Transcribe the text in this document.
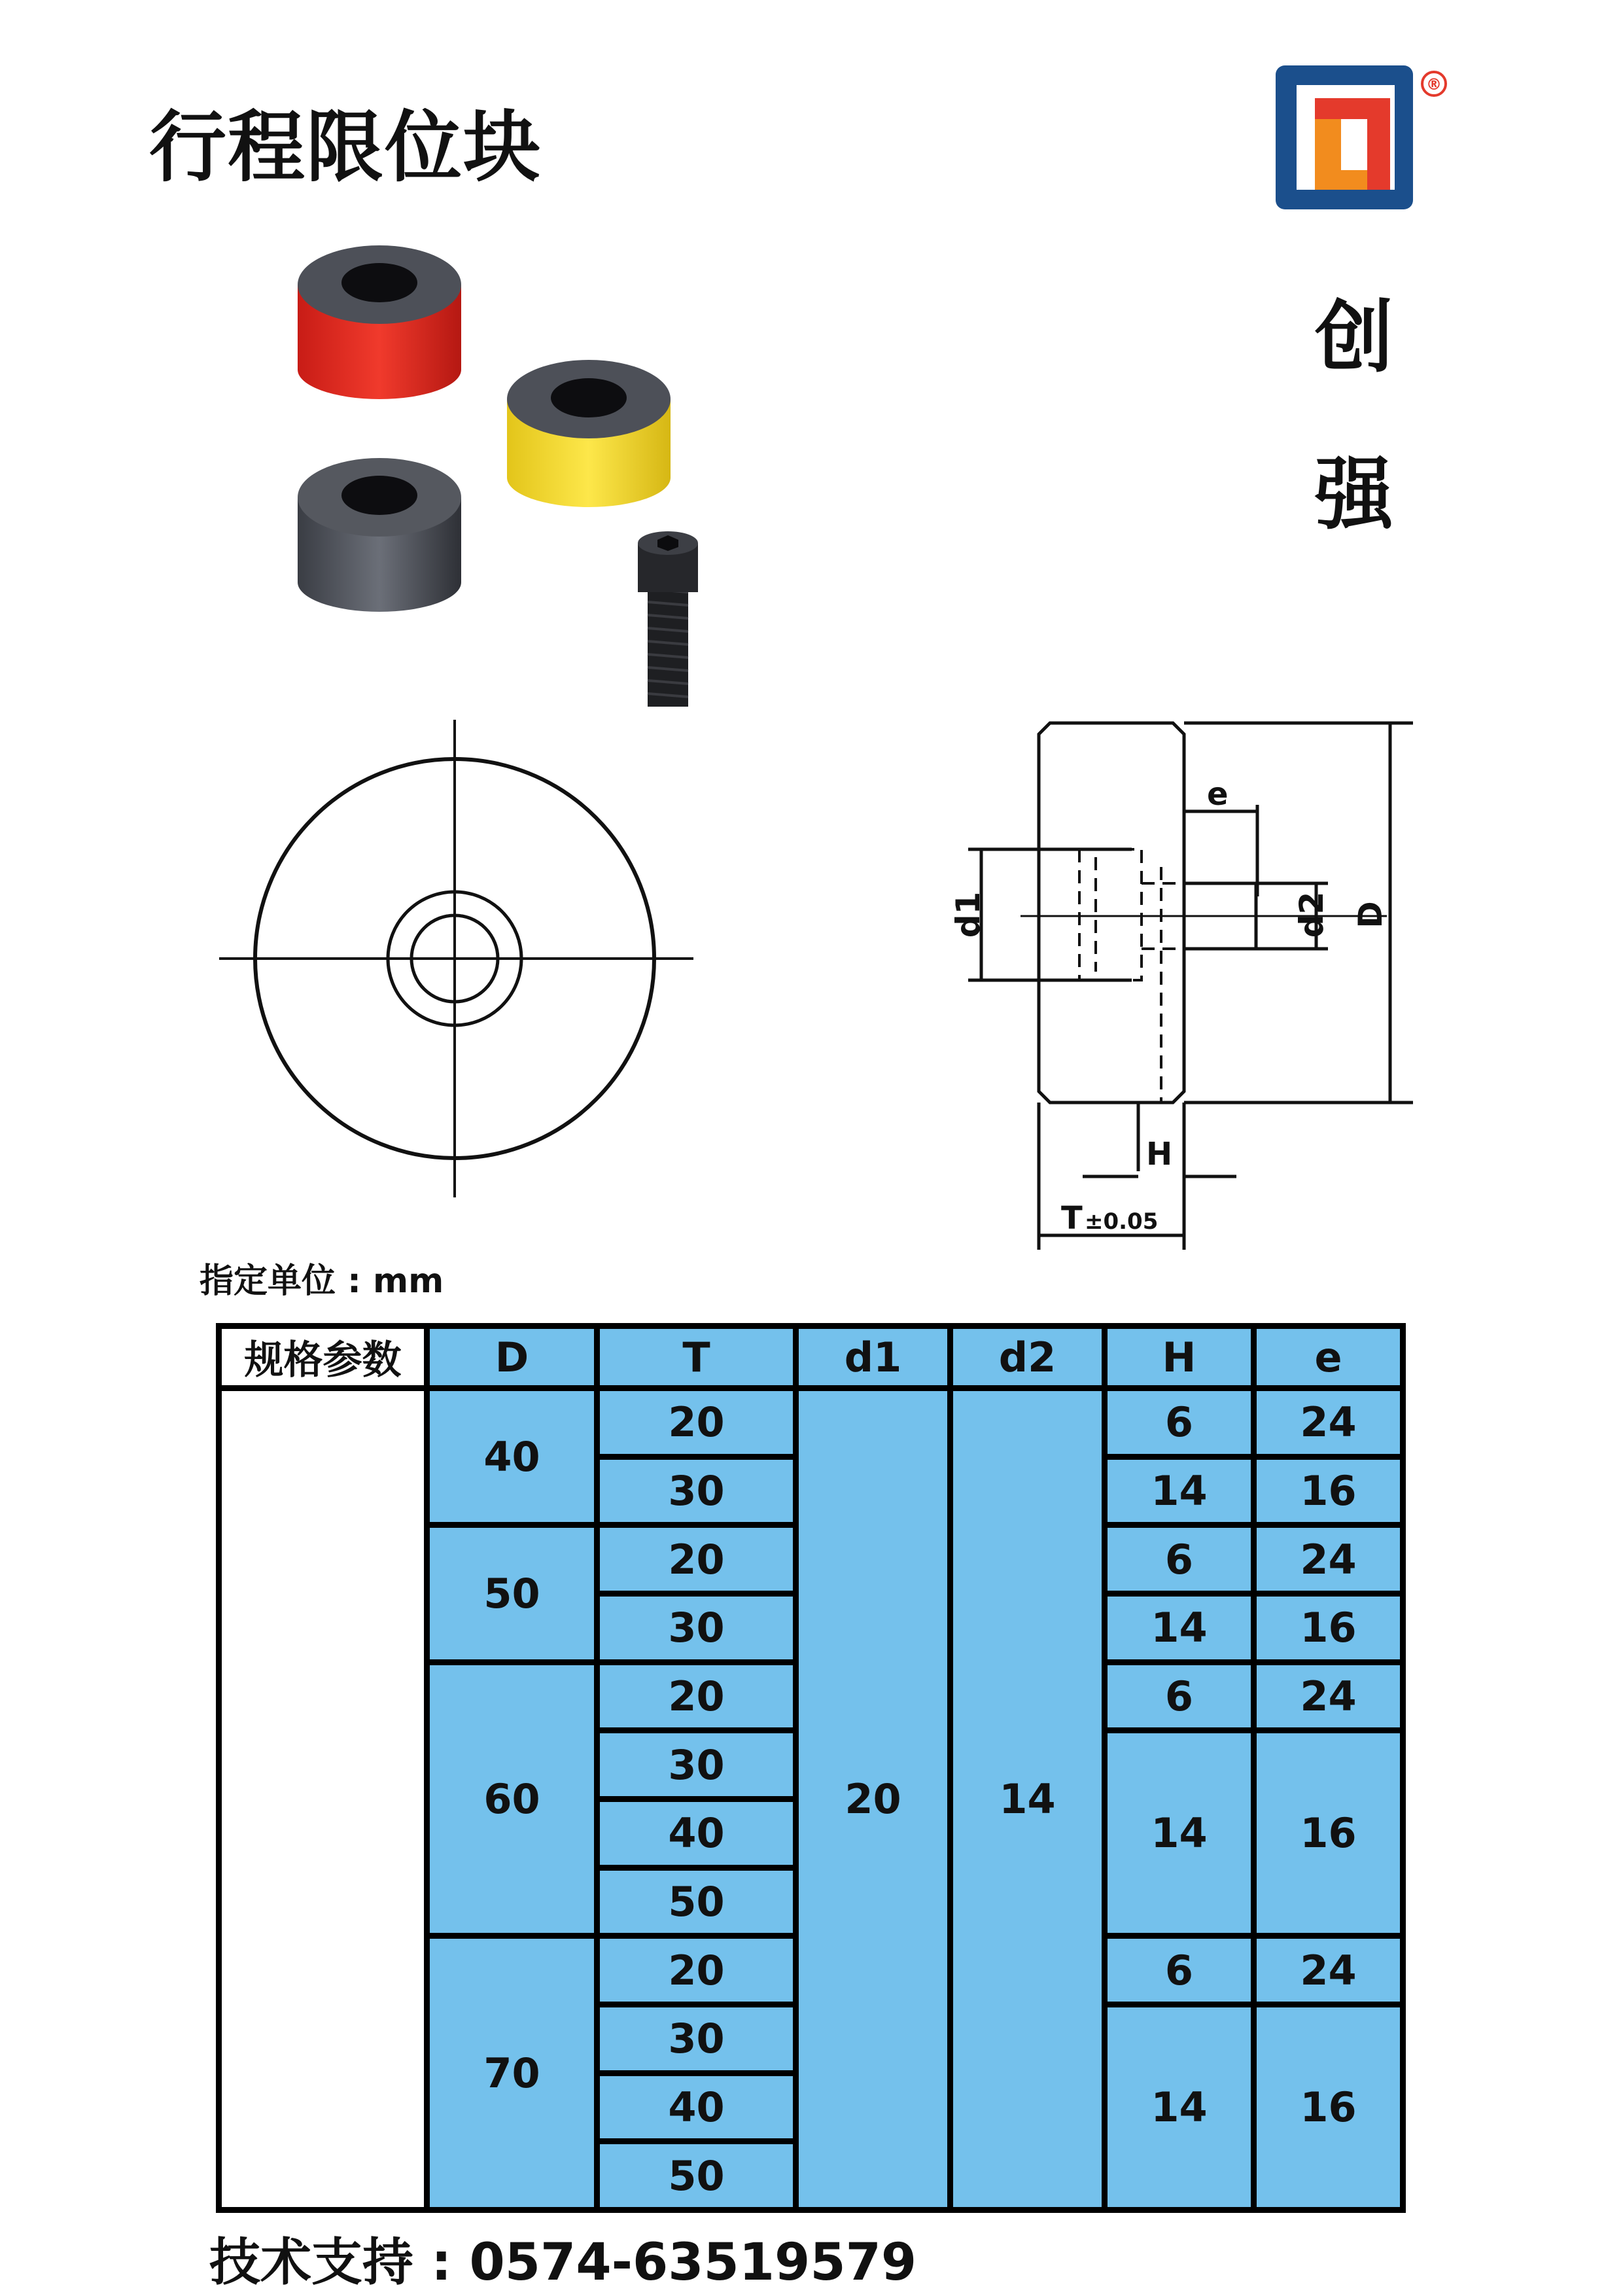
行程限位块
®
创
强
e
d1	d2 D
H
T ±0.05
指定单位 : mm
规格参数	D	T	d1	d2	H	e
	40	20	20	14	6	24
		30			14	16
	50	20			6	24
		30			14	16
	60	20			6	24
		30			14	16
		40				
		50				
	70	20			6	24
		30			14	16
		40				
		50				
技术支持 : 0574-63519579
